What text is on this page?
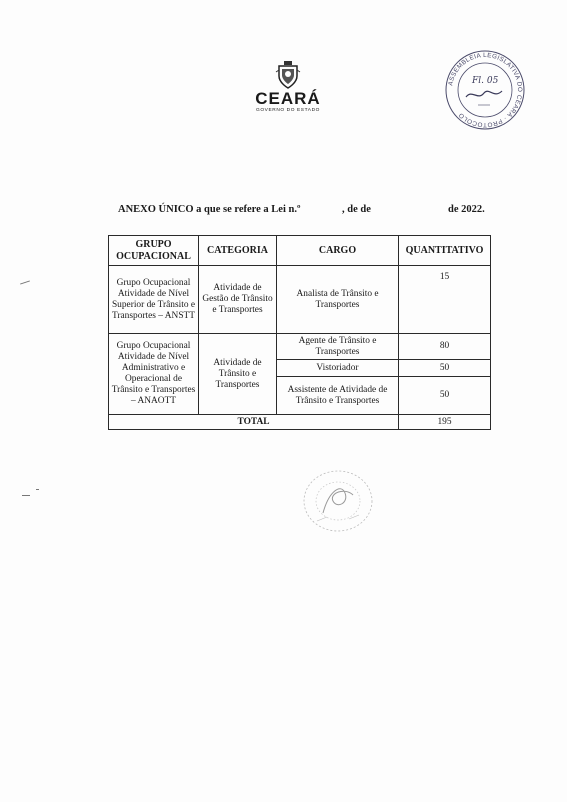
CEARÁ
GOVERNO DO ESTADO
ASSEMBLEIA LEGISLATIVA DO CEARÁ · PROTOCOLO
Fl. 05
ANEXO ÚNICO a que se refere a Lei n.º	, de de	de 2022.
GRUPO OCUPACIONAL	CATEGORIA	CARGO	QUANTITATIVO
Grupo Ocupacional Atividade de Nível Superior de Trânsito e Transportes – ANSTT	Atividade de Gestão de Trânsito e Transportes	Analista de Trânsito e Transportes	15
Grupo Ocupacional Atividade de Nível Administrativo e Operacional de Trânsito e Transportes – ANAOTT	Atividade de Trânsito e Transportes	Agente de Trânsito e Transportes	80
		Vistoriador	50
		Assistente de Atividade de Trânsito e Transportes	50
TOTAL			195
